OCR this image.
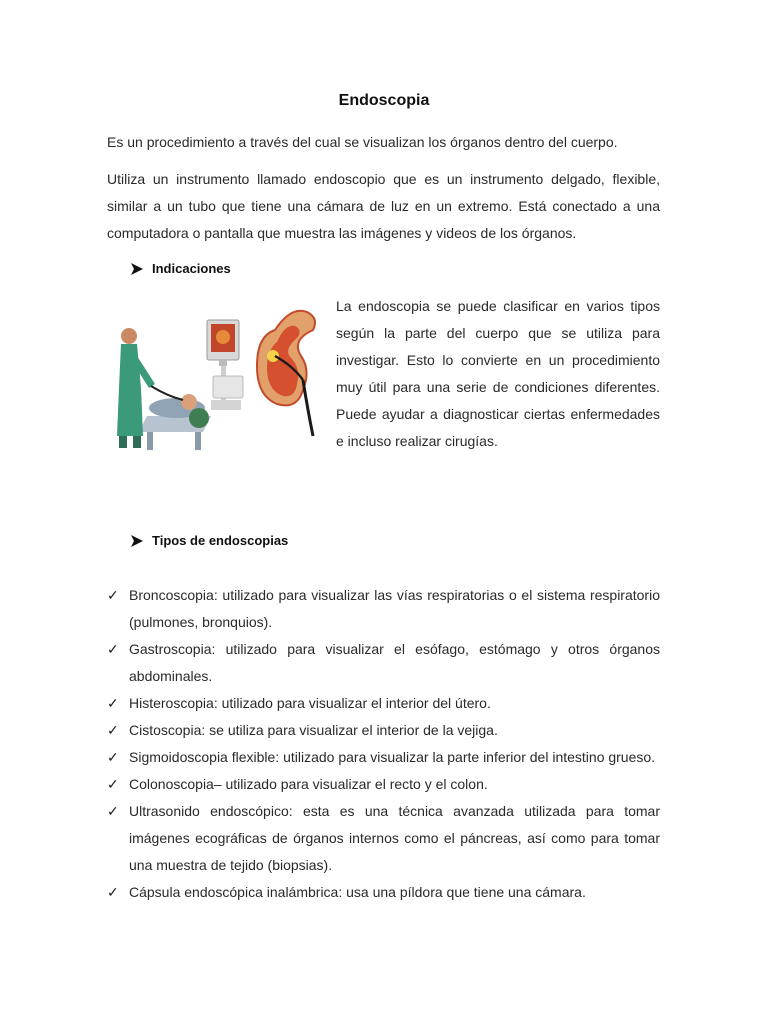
Endoscopia
Es un procedimiento a través del cual se visualizan los órganos dentro del cuerpo.
Utiliza un instrumento llamado endoscopio que es un instrumento delgado, flexible, similar a un tubo que tiene una cámara de luz en un extremo. Está conectado a una computadora o pantalla que muestra las imágenes y videos de los órganos.
Indicaciones
La endoscopia se puede clasificar en varios tipos según la parte del cuerpo que se utiliza para investigar. Esto lo convierte en un procedimiento muy útil para una serie de condiciones diferentes. Puede ayudar a diagnosticar ciertas enfermedades e incluso realizar cirugías.
Tipos de endoscopias
✓ Broncoscopia: utilizado para visualizar las vías respiratorias o el sistema respiratorio (pulmones, bronquios).
✓ Gastroscopia: utilizado para visualizar el esófago, estómago y otros órganos abdominales.
✓ Histeroscopia: utilizado para visualizar el interior del útero.
✓ Cistoscopia: se utiliza para visualizar el interior de la vejiga.
✓ Sigmoidoscopia flexible: utilizado para visualizar la parte inferior del intestino grueso.
✓ Colonoscopia– utilizado para visualizar el recto y el colon.
✓ Ultrasonido endoscópico: esta es una técnica avanzada utilizada para tomar imágenes ecográficas de órganos internos como el páncreas, así como para tomar una muestra de tejido (biopsias).
✓ Cápsula endoscópica inalámbrica: usa una píldora que tiene una cámara.
